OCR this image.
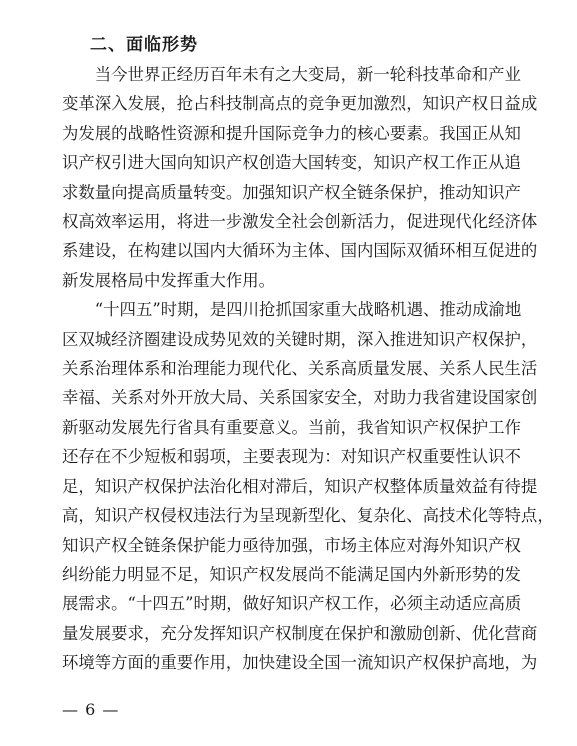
二、面临形势
　　当今世界正经历百年未有之大变局，新一轮科技革命和产业
变革深入发展，抢占科技制高点的竞争更加激烈，知识产权日益成
为发展的战略性资源和提升国际竞争力的核心要素。我国正从知
识产权引进大国向知识产权创造大国转变，知识产权工作正从追
求数量向提高质量转变。加强知识产权全链条保护，推动知识产
权高效率运用，将进一步激发全社会创新活力，促进现代化经济体
系建设，在构建以国内大循环为主体、国内国际双循环相互促进的
新发展格局中发挥重大作用。
　　“十四五”时期，是四川抢抓国家重大战略机遇、推动成渝地
区双城经济圈建设成势见效的关键时期，深入推进知识产权保护，
关系治理体系和治理能力现代化、关系高质量发展、关系人民生活
幸福、关系对外开放大局、关系国家安全，对助力我省建设国家创
新驱动发展先行省具有重要意义。当前，我省知识产权保护工作
还存在不少短板和弱项，主要表现为：对知识产权重要性认识不
足，知识产权保护法治化相对滞后，知识产权整体质量效益有待提
高，知识产权侵权违法行为呈现新型化、复杂化、高技术化等特点，
知识产权全链条保护能力亟待加强，市场主体应对海外知识产权
纠纷能力明显不足，知识产权发展尚不能满足国内外新形势的发
展需求。“十四五”时期，做好知识产权工作，必须主动适应高质
量发展要求，充分发挥知识产权制度在保护和激励创新、优化营商
环境等方面的重要作用，加快建设全国一流知识产权保护高地，为
— 6 —
